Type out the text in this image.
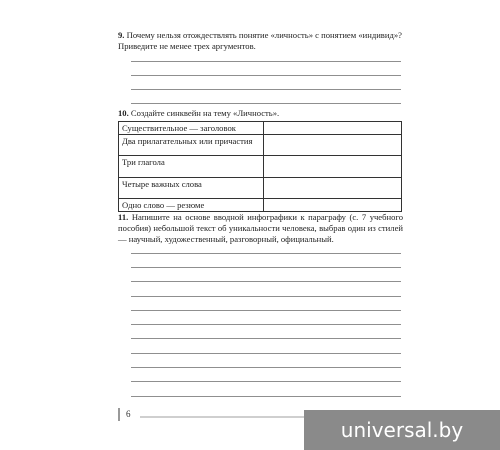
9. Почему нельзя отождествлять понятие «личность» с понятием «индивид»? Приведите не менее трех аргументов.
10. Создайте синквейн на тему «Личность».
Существительное — заголовок	
Два прилагательных или причастия	
Три глагола	
Четыре важных слова	
Одно слово — резюме	
11. Напишите на основе вводной инфографики к параграфу (с. 7 учебного пособия) небольшой текст об уникальности человека, выбрав один из стилей — научный, художественный, разговорный, официальный.
6
universal.by
